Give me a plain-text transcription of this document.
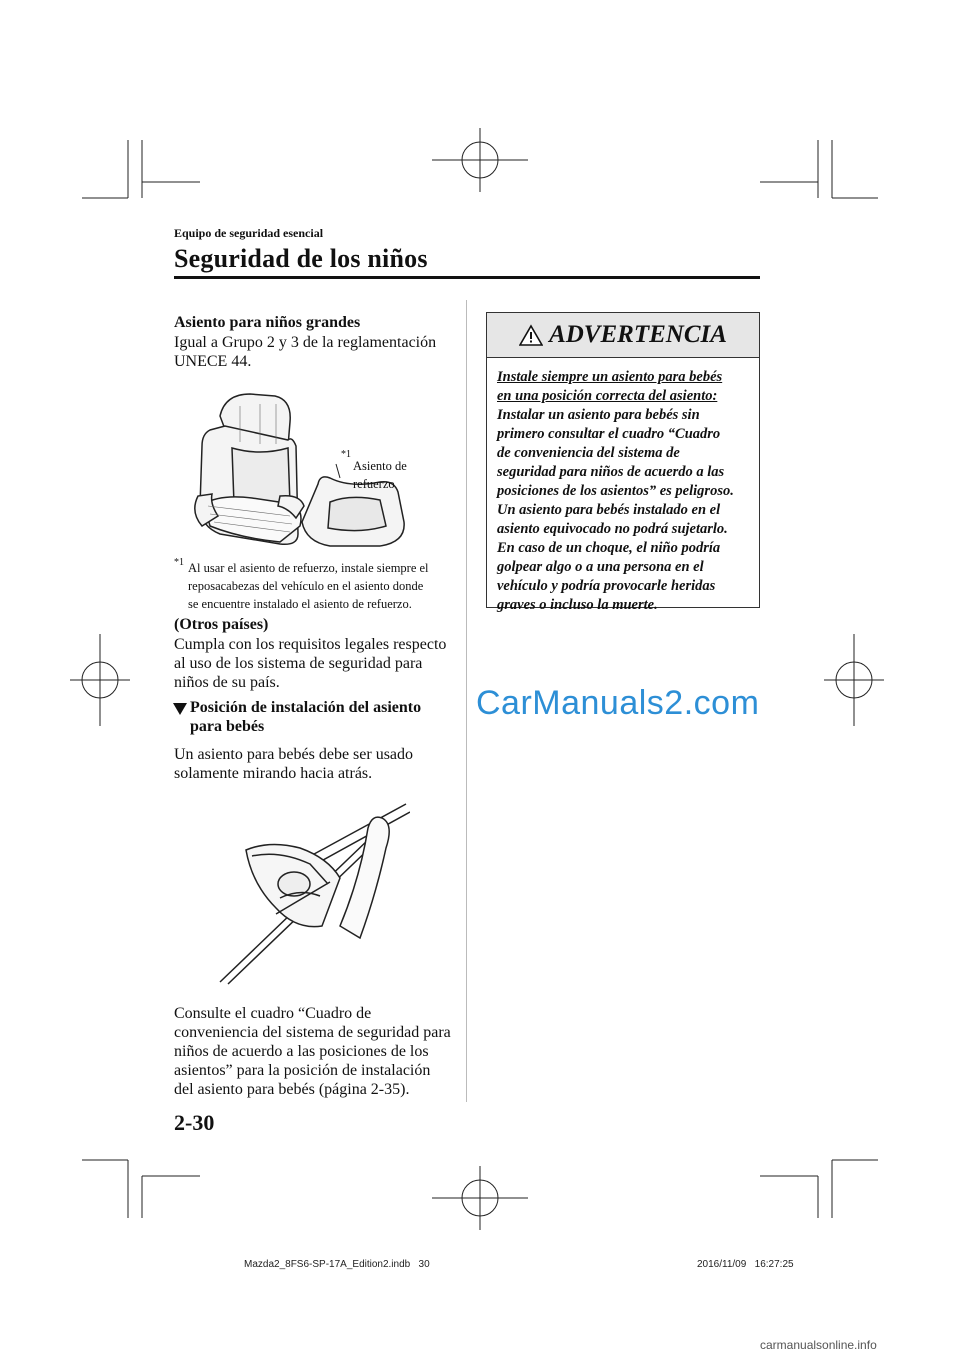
Equipo de seguridad esencial
Seguridad de los niños
Asiento para niños grandes
Igual a Grupo 2 y 3 de la reglamentación
UNECE 44.
*1
Asiento de
refuerzo
*1 Al usar el asiento de refuerzo, instale siempre el
reposacabezas del vehículo en el asiento donde
se encuentre instalado el asiento de refuerzo.
(Otros países)
Cumpla con los requisitos legales respecto
al uso de los sistema de seguridad para
niños de su país.
Posición de instalación del asiento
para bebés
Un asiento para bebés debe ser usado
solamente mirando hacia atrás.
Consulte el cuadro “Cuadro de
conveniencia del sistema de seguridad para
niños de acuerdo a las posiciones de los
asientos” para la posición de instalación
del asiento para bebés (página 2-35).
ADVERTENCIA
Instale siempre un asiento para bebés
en una posición correcta del asiento:
Instalar un asiento para bebés sin
primero consultar el cuadro “Cuadro
de conveniencia del sistema de
seguridad para niños de acuerdo a las
posiciones de los asientos” es peligroso.
Un asiento para bebés instalado en el
asiento equivocado no podrá sujetarlo.
En caso de un choque, el niño podría
golpear algo o a una persona en el
vehículo y podría provocarle heridas
graves o incluso la muerte.
CarManuals2.com
2-30
Mazda2_8FS6-SP-17A_Edition2.indb   30	2016/11/09   16:27:25
carmanualsonline.info
